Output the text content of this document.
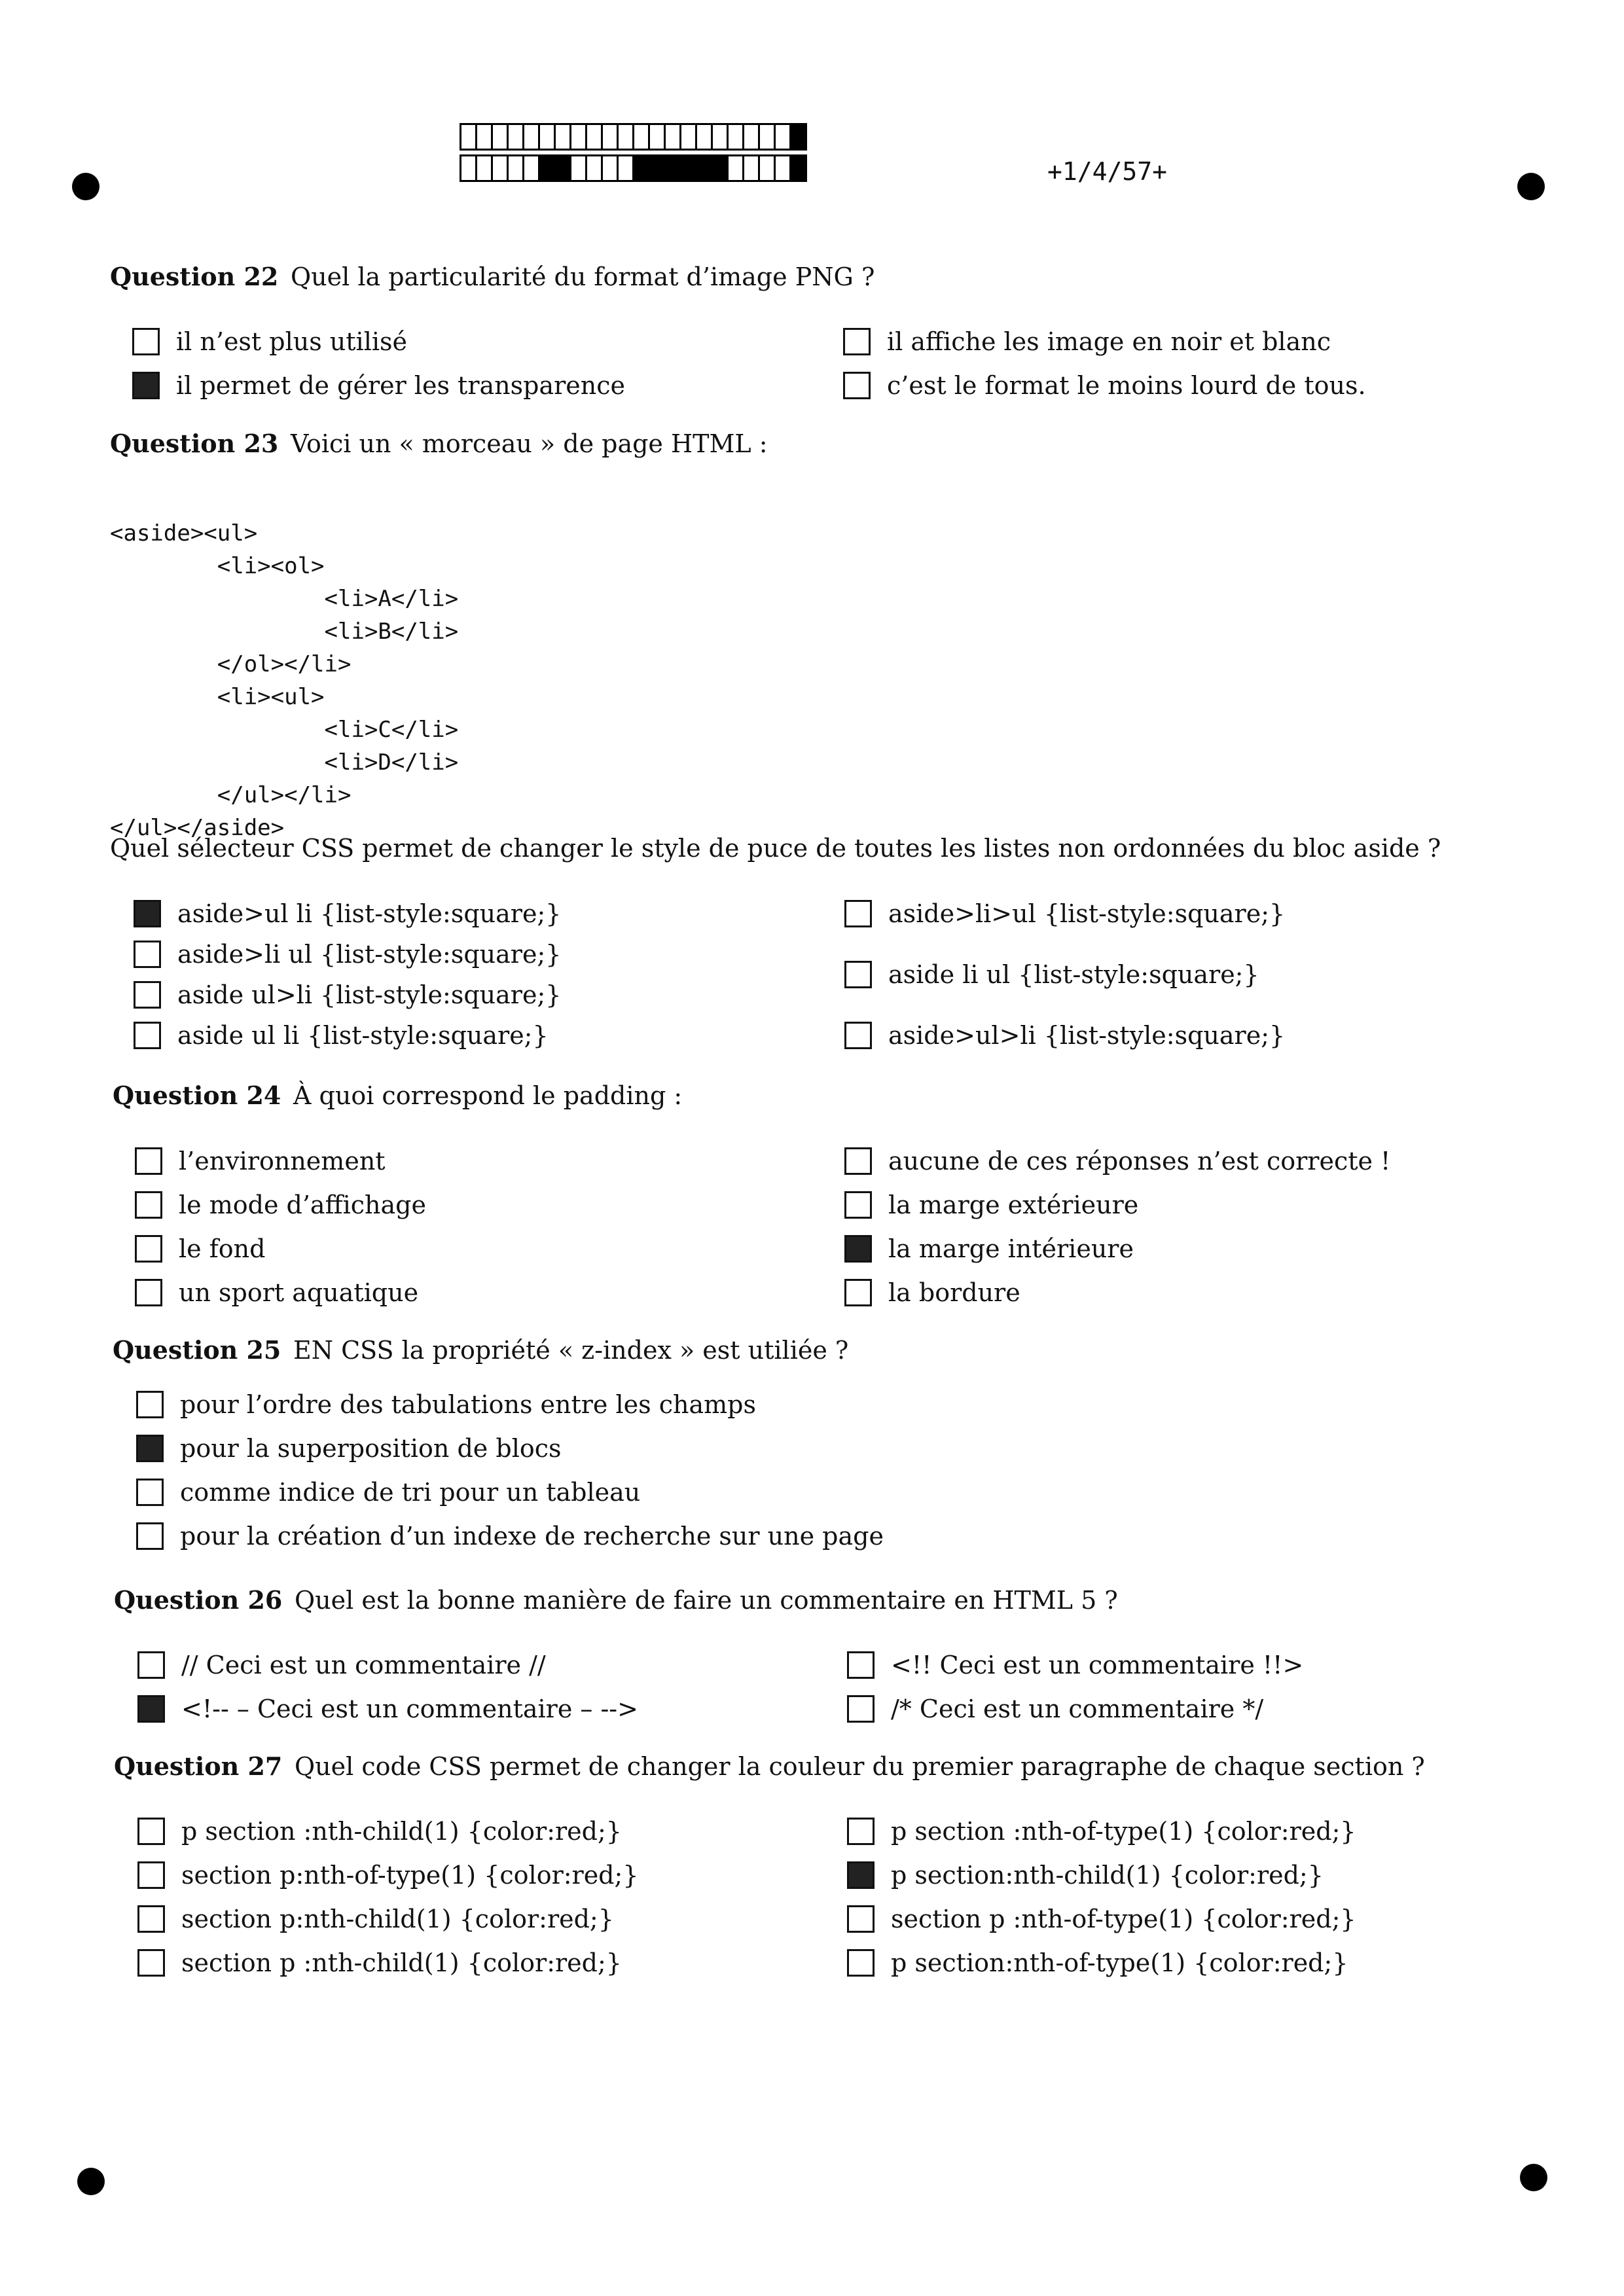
+1/4/57+
Question 22 Quel la particularité du format d’image PNG ?
il n’est plus utilisé
il permet de gérer les transparence
il affiche les image en noir et blanc
c’est le format le moins lourd de tous.
Question 23 Voici un « morceau » de page HTML :

<aside><ul>
<li><ol>
<li>A</li>
<li>B</li>
</ol></li>
<li><ul>
<li>C</li>
<li>D</li>
</ul></li>
</ul></aside>

Quel sélecteur CSS permet de changer le style de puce de toutes les listes non ordonnées du bloc aside ?
aside>ul li {list-style:square;}
aside>li ul {list-style:square;}
aside ul>li {list-style:square;}
aside ul li {list-style:square;}
aside>li>ul {list-style:square;}
aside li ul {list-style:square;}
aside>ul>li {list-style:square;}
Question 24 À quoi correspond le padding :
l’environnement
le mode d’affichage
le fond
un sport aquatique
aucune de ces réponses n’est correcte !
la marge extérieure
la marge intérieure
la bordure
Question 25 EN CSS la propriété « z-index » est utiliée ?
pour l’ordre des tabulations entre les champs
pour la superposition de blocs
comme indice de tri pour un tableau
pour la création d’un indexe de recherche sur une page
Question 26 Quel est la bonne manière de faire un commentaire en HTML 5 ?
// Ceci est un commentaire //
<!-- – Ceci est un commentaire – -->
<!! Ceci est un commentaire !!>
/* Ceci est un commentaire */
Question 27 Quel code CSS permet de changer la couleur du premier paragraphe de chaque section ?
p section :nth-child(1) {color:red;}
section p:nth-of-type(1) {color:red;}
section p:nth-child(1) {color:red;}
section p :nth-child(1) {color:red;}
p section :nth-of-type(1) {color:red;}
p section:nth-child(1) {color:red;}
section p :nth-of-type(1) {color:red;}
p section:nth-of-type(1) {color:red;}
